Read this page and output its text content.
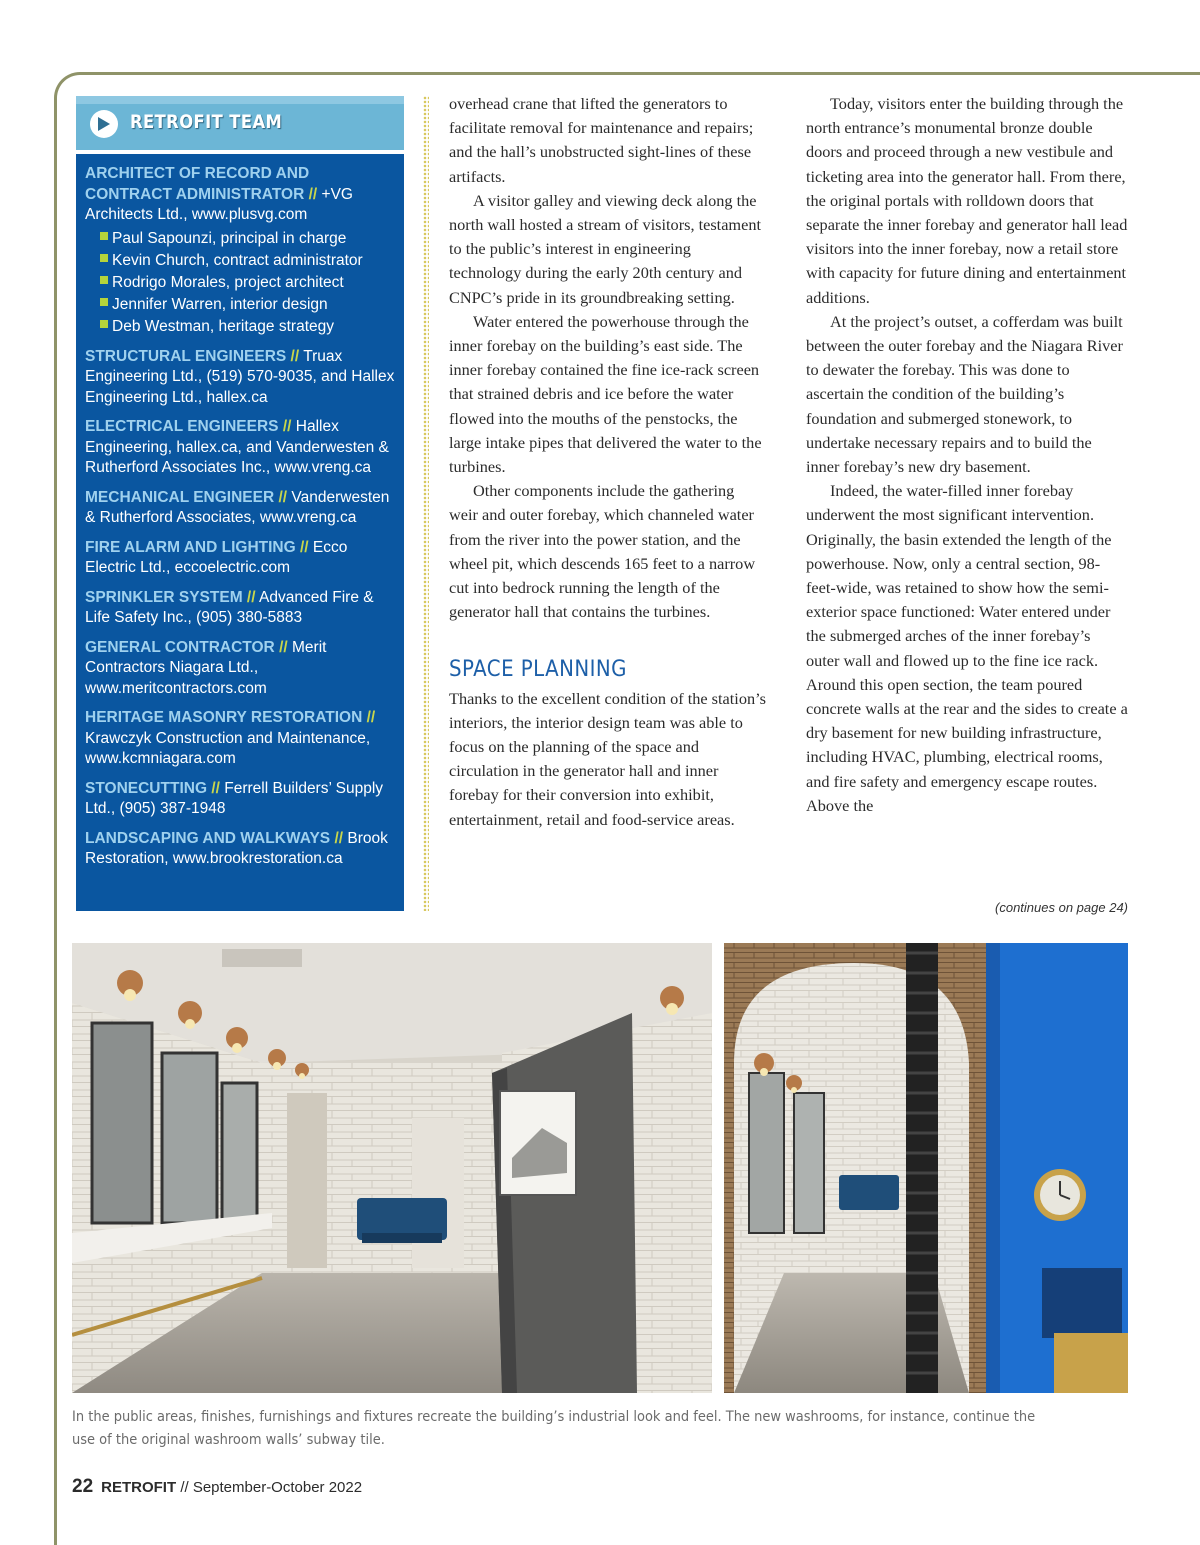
RETROFIT TEAM
ARCHITECT OF RECORD AND CONTRACT ADMINISTRATOR // +VG Architects Ltd., www.plusvg.com
Paul Sapounzi, principal in charge
Kevin Church, contract administrator
Rodrigo Morales, project architect
Jennifer Warren, interior design
Deb Westman, heritage strategy
STRUCTURAL ENGINEERS // Truax Engineering Ltd., (519) 570-9035, and Hallex Engineering Ltd., hallex.ca
ELECTRICAL ENGINEERS // Hallex Engineering, hallex.ca, and Vanderwesten & Rutherford Associates Inc., www.vreng.ca
MECHANICAL ENGINEER // Vanderwesten & Rutherford Associates, www.vreng.ca
FIRE ALARM AND LIGHTING // Ecco Electric Ltd., eccoelectric.com
SPRINKLER SYSTEM // Advanced Fire & Life Safety Inc., (905) 380-5883
GENERAL CONTRACTOR // Merit Contractors Niagara Ltd., www.meritcontractors.com
HERITAGE MASONRY RESTORATION // Krawczyk Construction and Maintenance, www.kcmniagara.com
STONECUTTING // Ferrell Builders’ Supply Ltd., (905) 387-1948
LANDSCAPING AND WALKWAYS // Brook Restoration, www.brookrestoration.ca

overhead crane that lifted the generators to facilitate removal for maintenance and repairs; and the hall’s unobstructed sight-lines of these artifacts.

A visitor galley and viewing deck along the north wall hosted a stream of visitors, testament to the public’s interest in engineering technology during the early 20th century and CNPC’s pride in its groundbreaking setting.

Water entered the powerhouse through the inner forebay on the building’s east side. The inner forebay contained the fine ice-rack screen that strained debris and ice before the water flowed into the mouths of the penstocks, the large intake pipes that delivered the water to the turbines.

Other components include the gathering weir and outer forebay, which channeled water from the river into the power station, and the wheel pit, which descends 165 feet to a narrow cut into bedrock running the length of the generator hall that contains the turbines.

SPACE PLANNING

Thanks to the excellent condition of the station’s interiors, the interior design team was able to focus on the planning of the space and circulation in the generator hall and inner forebay for their conversion into exhibit, entertainment, retail and food-service areas.

Today, visitors enter the building through the north entrance’s monumental bronze double doors and proceed through a new vestibule and ticketing area into the generator hall. From there, the original portals with rolldown doors that separate the inner forebay and generator hall lead visitors into the inner forebay, now a retail store with capacity for future dining and entertainment additions.

At the project’s outset, a cofferdam was built between the outer forebay and the Niagara River to dewater the forebay. This was done to ascertain the condition of the building’s foundation and submerged stonework, to undertake necessary repairs and to build the inner forebay’s new dry basement.

Indeed, the water-filled inner forebay underwent the most significant intervention. Originally, the basin extended the length of the powerhouse. Now, only a central section, 98-feet-wide, was retained to show how the semi-exterior space functioned: Water entered under the submerged arches of the inner forebay’s outer wall and flowed up to the fine ice rack. Around this open section, the team poured concrete walls at the rear and the sides to create a dry basement for new building infrastructure, including HVAC, plumbing, electrical rooms, and fire safety and emergency escape routes. Above the

(continues on page 24)
In the public areas, finishes, furnishings and fixtures recreate the building’s industrial look and feel. The new washrooms, for instance, continue the use of the original washroom walls’ subway tile.
22 RETROFIT // September-October 2022
